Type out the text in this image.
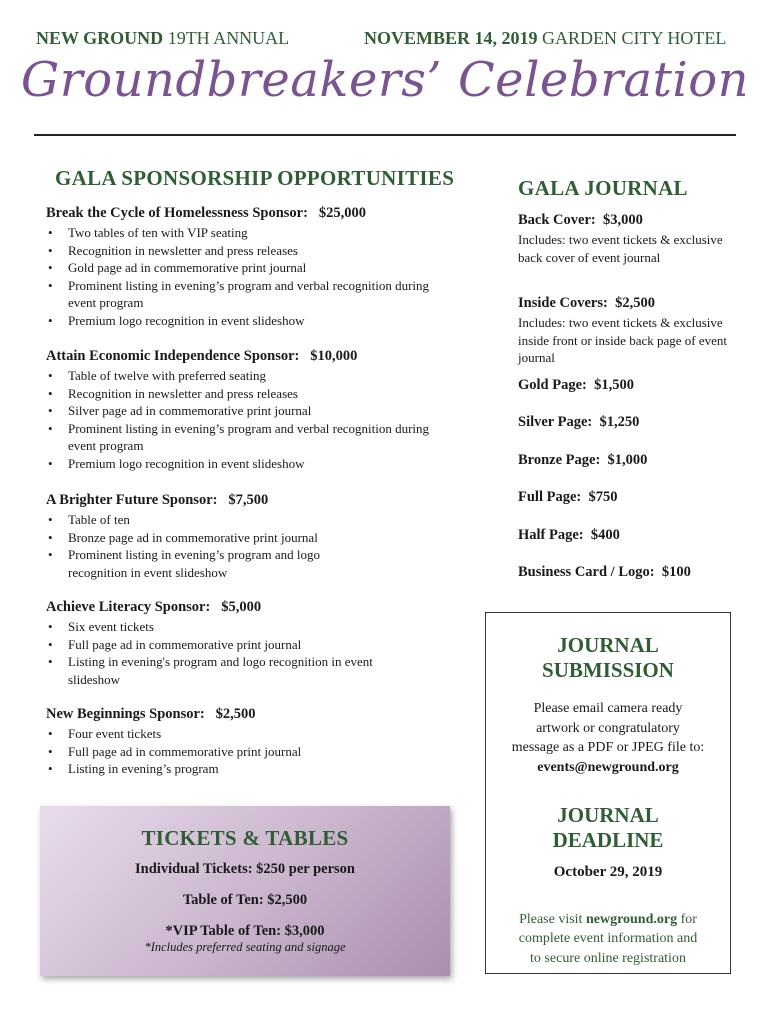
NEW GROUND 19TH ANNUAL	NOVEMBER 14, 2019 GARDEN CITY HOTEL
Groundbreakers’ Celebration
GALA SPONSORSHIP OPPORTUNITIES
Break the Cycle of Homelessness Sponsor: $25,000
• Two tables of ten with VIP seating
• Recognition in newsletter and press releases
• Gold page ad in commemorative print journal
• Prominent listing in evening’s program and verbal recognition during event program
• Premium logo recognition in event slideshow
Attain Economic Independence Sponsor: $10,000
• Table of twelve with preferred seating
• Recognition in newsletter and press releases
• Silver page ad in commemorative print journal
• Prominent listing in evening’s program and verbal recognition during event program
• Premium logo recognition in event slideshow
A Brighter Future Sponsor: $7,500
• Table of ten
• Bronze page ad in commemorative print journal
• Prominent listing in evening’s program and logo recognition in event slideshow
Achieve Literacy Sponsor: $5,000
• Six event tickets
• Full page ad in commemorative print journal
• Listing in evening's program and logo recognition in event slideshow
New Beginnings Sponsor: $2,500
• Four event tickets
• Full page ad in commemorative print journal
• Listing in evening’s program
GALA JOURNAL
Back Cover: $3,000

Includes: two event tickets & exclusive back cover of event journal

Inside Covers: $2,500

Includes: two event tickets & exclusive inside front or inside back page of event journal

Gold Page: $1,500
Silver Page: $1,250
Bronze Page: $1,000
Full Page: $750
Half Page: $400
Business Card / Logo: $100
JOURNAL
SUBMISSION

Please email camera ready

artwork or congratulatory

message as a PDF or JPEG file to:

events@newground.org

JOURNAL
DEADLINE

October 29, 2019

Please visit newground.org for

complete event information and

to secure online registration

TICKETS & TABLES
Individual Tickets: $250 per person
Table of Ten: $2,500
*VIP Table of Ten: $3,000
*Includes preferred seating and signage
